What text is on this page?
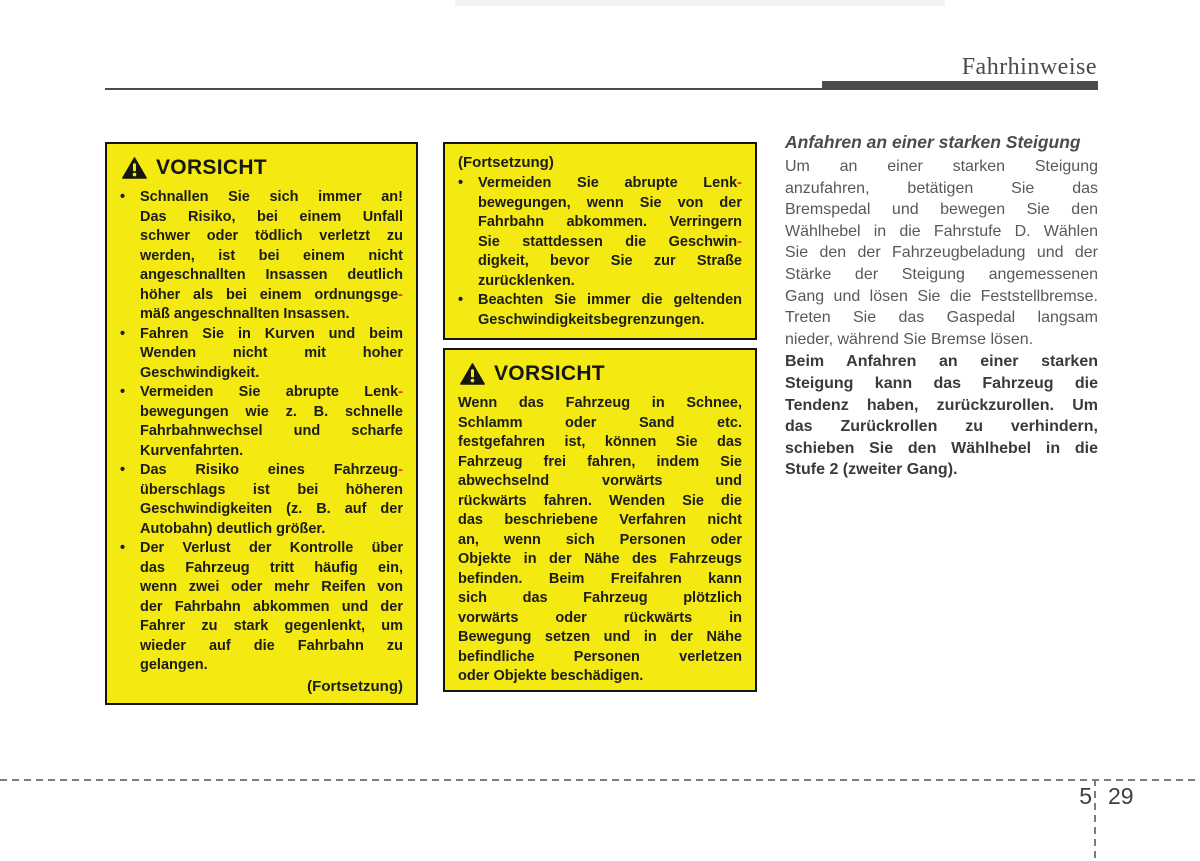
Fahrhinweise
VORSICHT
•	Schnallen Sie sich immer an!
Das Risiko, bei einem Unfall
schwer oder tödlich verletzt zu
werden, ist bei einem nicht
angeschnallten Insassen deutlich
höher als bei einem ordnungsge-
mäß angeschnallten Insassen.
•	Fahren Sie in Kurven und beim
Wenden nicht mit hoher
Geschwindigkeit.
•	Vermeiden Sie abrupte Lenk-
bewegungen wie z. B. schnelle
Fahrbahnwechsel und scharfe
Kurvenfahrten.
•	Das Risiko eines Fahrzeug-
überschlags ist bei höheren
Geschwindigkeiten (z. B. auf der
Autobahn) deutlich größer.
•	Der Verlust der Kontrolle über
das Fahrzeug tritt häufig ein,
wenn zwei oder mehr Reifen von
der Fahrbahn abkommen und der
Fahrer zu stark gegenlenkt, um
wieder auf die Fahrbahn zu
gelangen.
(Fortsetzung)
(Fortsetzung)
•	Vermeiden Sie abrupte Lenk-
bewegungen, wenn Sie von der
Fahrbahn abkommen. Verringern
Sie stattdessen die Geschwin-
digkeit, bevor Sie zur Straße
zurücklenken.
•	Beachten Sie immer die geltenden
Geschwindigkeitsbegrenzungen.
VORSICHT
Wenn das Fahrzeug in Schnee,
Schlamm oder Sand etc.
festgefahren ist, können Sie das
Fahrzeug frei fahren, indem Sie
abwechselnd vorwärts und
rückwärts fahren. Wenden Sie die
das beschriebene Verfahren nicht
an, wenn sich Personen oder
Objekte in der Nähe des Fahrzeugs
befinden. Beim Freifahren kann
sich das Fahrzeug plötzlich
vorwärts oder rückwärts in
Bewegung setzen und in der Nähe
befindliche Personen verletzen
oder Objekte beschädigen.
Anfahren an einer starken Steigung
Um an einer starken Steigung
anzufahren, betätigen Sie das
Bremspedal und bewegen Sie den
Wählhebel in die Fahrstufe D. Wählen
Sie den der Fahrzeugbeladung und der
Stärke der Steigung angemessenen
Gang und lösen Sie die Feststellbremse.
Treten Sie das Gaspedal langsam
nieder, während Sie Bremse lösen.
Beim Anfahren an einer starken
Steigung kann das Fahrzeug die
Tendenz haben, zurückzurollen. Um
das Zurückrollen zu verhindern,
schieben Sie den Wählhebel in die
Stufe 2 (zweiter Gang).
5 29
